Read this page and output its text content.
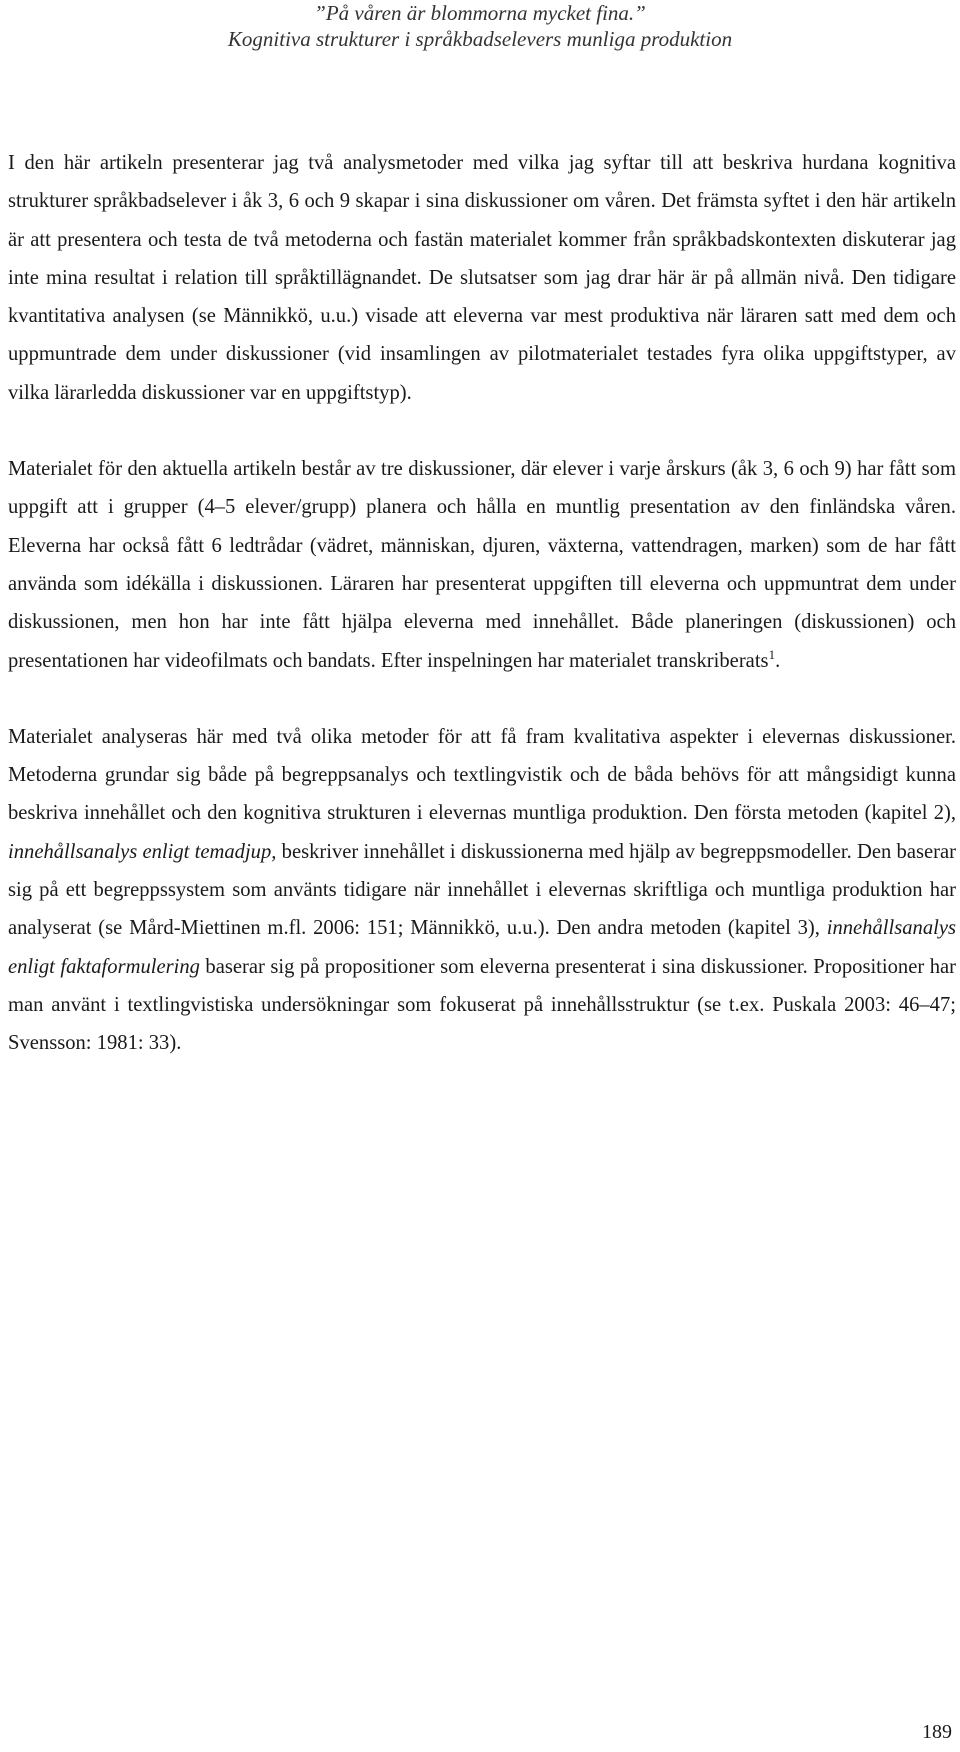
”På våren är blommorna mycket fina.”
Kognitiva strukturer i språkbadselevers munliga produktion

I den här artikeln presenterar jag två analysmetoder med vilka jag syftar till att beskriva hurdana kognitiva strukturer språkbadselever i åk 3, 6 och 9 skapar i sina diskussioner om våren. Det främsta syftet i den här artikeln är att presentera och testa de två metoderna och fastän materialet kommer från språkbadskontexten diskuterar jag inte mina resultat i relation till språktillägnandet. De slutsatser som jag drar här är på allmän nivå. Den tidigare kvantitativa analysen (se Männikkö, u.u.) visade att eleverna var mest produktiva när läraren satt med dem och uppmuntrade dem under diskussioner (vid insamlingen av pilotmaterialet testades fyra olika uppgiftstyper, av vilka lärarledda diskussioner var en uppgiftstyp).

Materialet för den aktuella artikeln består av tre diskussioner, där elever i varje årskurs (åk 3, 6 och 9) har fått som uppgift att i grupper (4–5 elever/grupp) planera och hålla en muntlig presentation av den finländska våren. Eleverna har också fått 6 ledtrådar (vädret, människan, djuren, växterna, vattendragen, marken) som de har fått använda som idékälla i diskussionen. Läraren har presenterat uppgiften till eleverna och uppmuntrat dem under diskussionen, men hon har inte fått hjälpa eleverna med innehållet. Både planeringen (diskussionen) och presentationen har videofilmats och bandats. Efter inspelningen har materialet transkriberats$^1$.

Materialet analyseras här med två olika metoder för att få fram kvalitativa aspekter i elevernas diskussioner. Metoderna grundar sig både på begreppsanalys och textlingvistik och de båda behövs för att mångsidigt kunna beskriva innehållet och den kognitiva strukturen i elevernas muntliga produktion. Den första metoden (kapitel 2), innehållsanalys enligt temadjup, beskriver innehållet i diskussionerna med hjälp av begreppsmodeller. Den baserar sig på ett begreppssystem som använts tidigare när innehållet i elevernas skriftliga och muntliga produktion har analyserat (se Mård-Miettinen m.fl. 2006: 151; Männikkö, u.u.). Den andra metoden (kapitel 3), innehållsanalys enligt faktaformulering baserar sig på propositioner som eleverna presenterat i sina diskussioner. Propositioner har man använt i textlingvistiska undersökningar som fokuserat på innehållsstruktur (se t.ex. Puskala 2003: 46–47; Svensson: 1981: 33).

189
